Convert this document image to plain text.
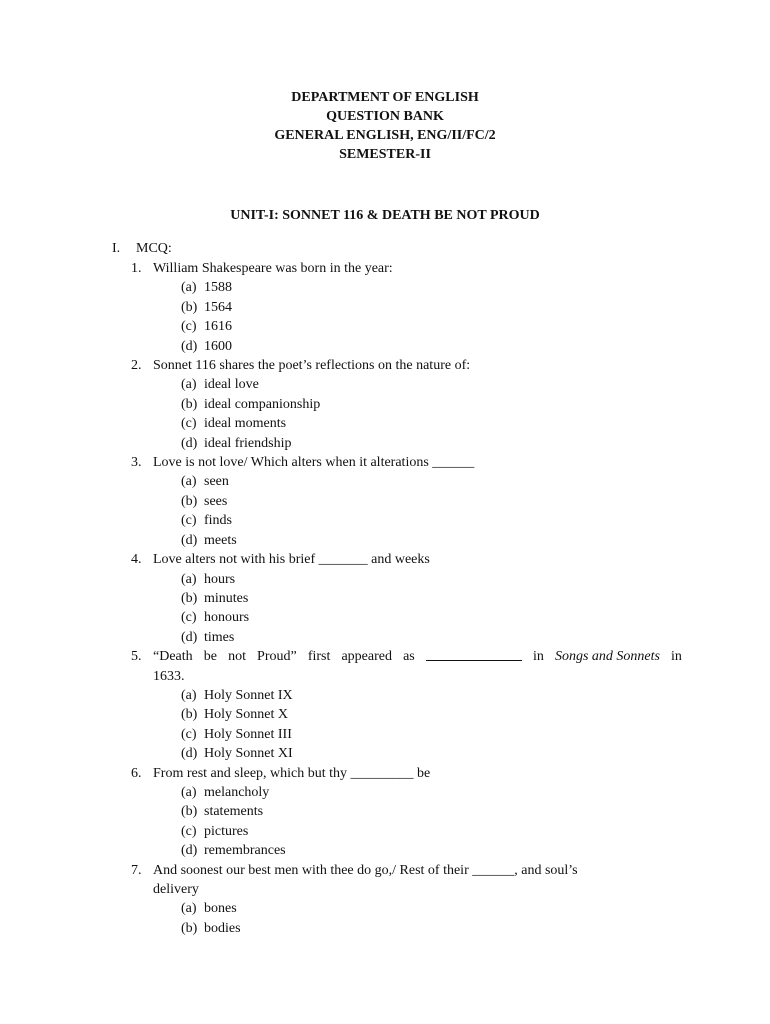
DEPARTMENT OF ENGLISH
QUESTION BANK
GENERAL ENGLISH, ENG/II/FC/2
SEMESTER-II
UNIT-I: SONNET 116 & DEATH BE NOT PROUD
I.	MCQ:
1. William Shakespeare was born in the year:
(a) 1588
(b) 1564
(c) 1616
(d) 1600
2. Sonnet 116 shares the poet’s reflections on the nature of:
(a) ideal love
(b) ideal companionship
(c) ideal moments
(d) ideal friendship
3. Love is not love/ Which alters when it alterations ______
(a) seen
(b) sees
(c) finds
(d) meets
4. Love alters not with his brief _______ and weeks
(a) hours
(b) minutes
(c) honours
(d) times
5. “Death be not Proud” first appeared as	in Songs and Sonnets in
1633.
(a) Holy Sonnet IX
(b) Holy Sonnet X
(c) Holy Sonnet III
(d) Holy Sonnet XI
6. From rest and sleep, which but thy _________ be
(a) melancholy
(b) statements
(c) pictures
(d) remembrances
7. And soonest our best men with thee do go,/ Rest of their ______, and soul’s
delivery
(a) bones
(b) bodies
